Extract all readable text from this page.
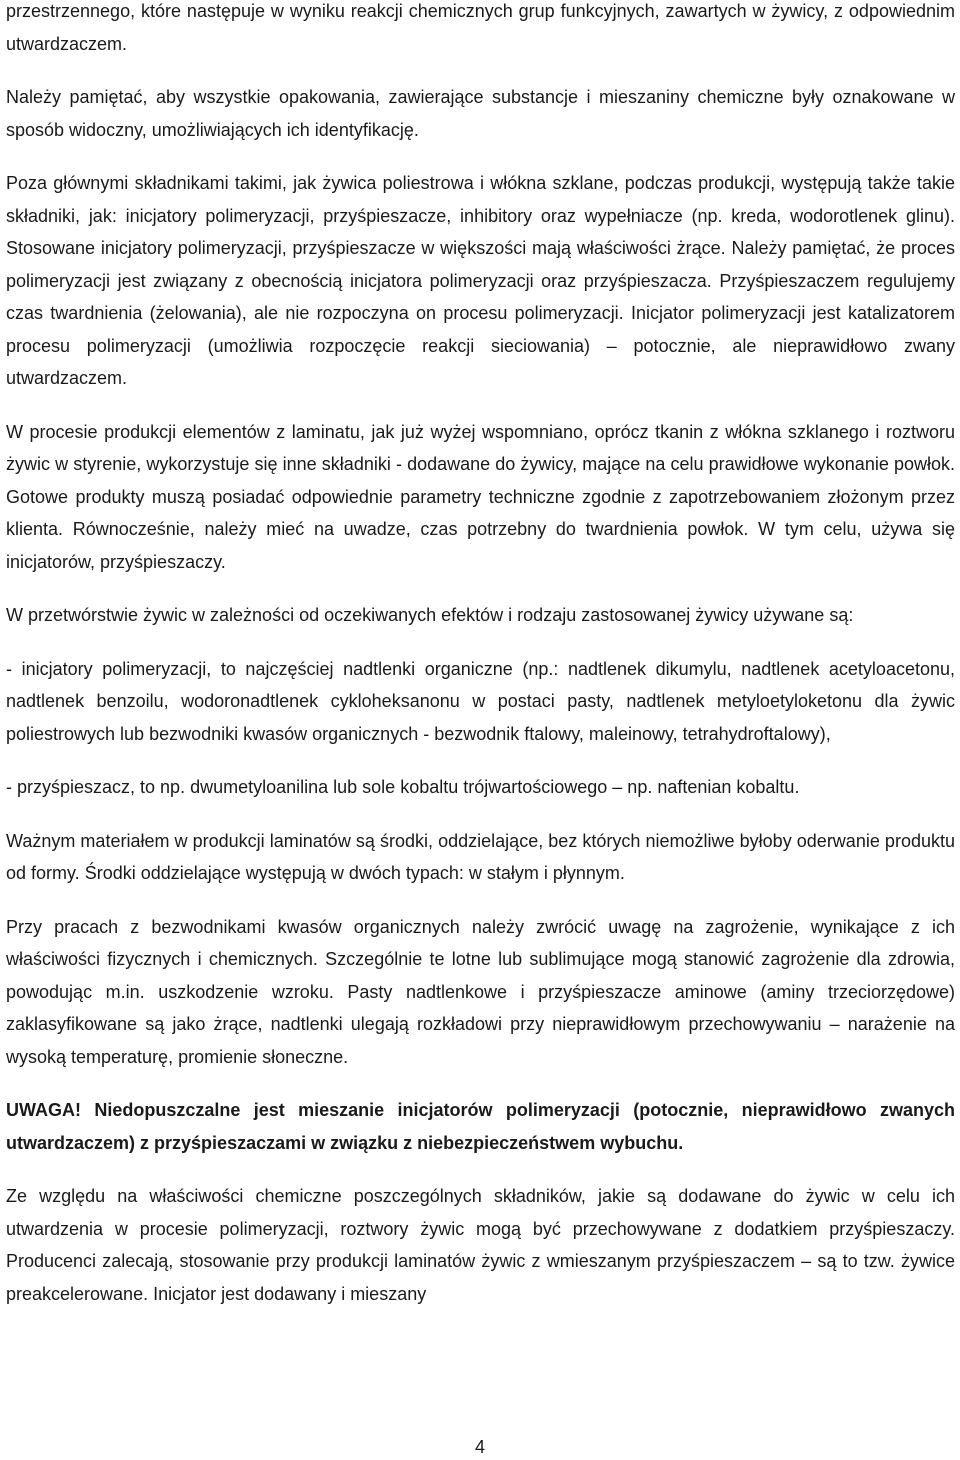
przestrzennego, które następuje w wyniku reakcji chemicznych grup funkcyjnych, zawartych w żywicy, z odpowiednim utwardzaczem.

Należy pamiętać, aby wszystkie opakowania, zawierające substancje i mieszaniny chemiczne były oznakowane w sposób widoczny, umożliwiających ich identyfikację.

Poza głównymi składnikami takimi, jak żywica poliestrowa i włókna szklane, podczas produkcji, występują także takie składniki, jak: inicjatory polimeryzacji, przyśpieszacze, inhibitory oraz wypełniacze (np. kreda, wodorotlenek glinu). Stosowane inicjatory polimeryzacji, przyśpieszacze w większości mają właściwości żrące. Należy pamiętać, że proces polimeryzacji jest związany z obecnością inicjatora polimeryzacji oraz przyśpieszacza. Przyśpieszaczem regulujemy czas twardnienia (żelowania), ale nie rozpoczyna on procesu polimeryzacji. Inicjator polimeryzacji jest katalizatorem procesu polimeryzacji (umożliwia rozpoczęcie reakcji sieciowania) – potocznie, ale nieprawidłowo zwany utwardzaczem.

W procesie produkcji elementów z laminatu, jak już wyżej wspomniano, oprócz tkanin z włókna szklanego i roztworu żywic w styrenie, wykorzystuje się inne składniki - dodawane do żywicy, mające na celu prawidłowe wykonanie powłok. Gotowe produkty muszą posiadać odpowiednie parametry techniczne zgodnie z zapotrzebowaniem złożonym przez klienta. Równocześnie, należy mieć na uwadze, czas potrzebny do twardnienia powłok. W tym celu, używa się inicjatorów, przyśpieszaczy.

W przetwórstwie żywic w zależności od oczekiwanych efektów i rodzaju zastosowanej żywicy używane są:

- inicjatory polimeryzacji, to najczęściej nadtlenki organiczne (np.: nadtlenek dikumylu, nadtlenek acetyloacetonu, nadtlenek benzoilu, wodoronadtlenek cykloheksanonu w postaci pasty, nadtlenek metyloetyloketonu dla żywic poliestrowych lub bezwodniki kwasów organicznych - bezwodnik ftalowy, maleinowy, tetrahydroftalowy),

- przyśpieszacz, to np. dwumetyloanilina lub sole kobaltu trójwartościowego – np. naftenian kobaltu.

Ważnym materiałem w produkcji laminatów są środki, oddzielające, bez których niemożliwe byłoby oderwanie produktu od formy. Środki oddzielające występują w dwóch typach: w stałym i płynnym.

Przy pracach z bezwodnikami kwasów organicznych należy zwrócić uwagę na zagrożenie, wynikające z ich właściwości fizycznych i chemicznych. Szczególnie te lotne lub sublimujące mogą stanowić zagrożenie dla zdrowia, powodując m.in. uszkodzenie wzroku. Pasty nadtlenkowe i przyśpieszacze aminowe (aminy trzeciorzędowe) zaklasyfikowane są jako żrące, nadtlenki ulegają rozkładowi przy nieprawidłowym przechowywaniu – narażenie na wysoką temperaturę, promienie słoneczne.

UWAGA! Niedopuszczalne jest mieszanie inicjatorów polimeryzacji (potocznie, nieprawidłowo zwanych utwardzaczem) z przyśpieszaczami w związku z niebezpieczeństwem wybuchu.

Ze względu na właściwości chemiczne poszczególnych składników, jakie są dodawane do żywic w celu ich utwardzenia w procesie polimeryzacji, roztwory żywic mogą być przechowywane z dodatkiem przyśpieszaczy. Producenci zalecają, stosowanie przy produkcji laminatów żywic z wmieszanym przyśpieszaczem – są to tzw. żywice preakcelerowane. Inicjator jest dodawany i mieszany

4
